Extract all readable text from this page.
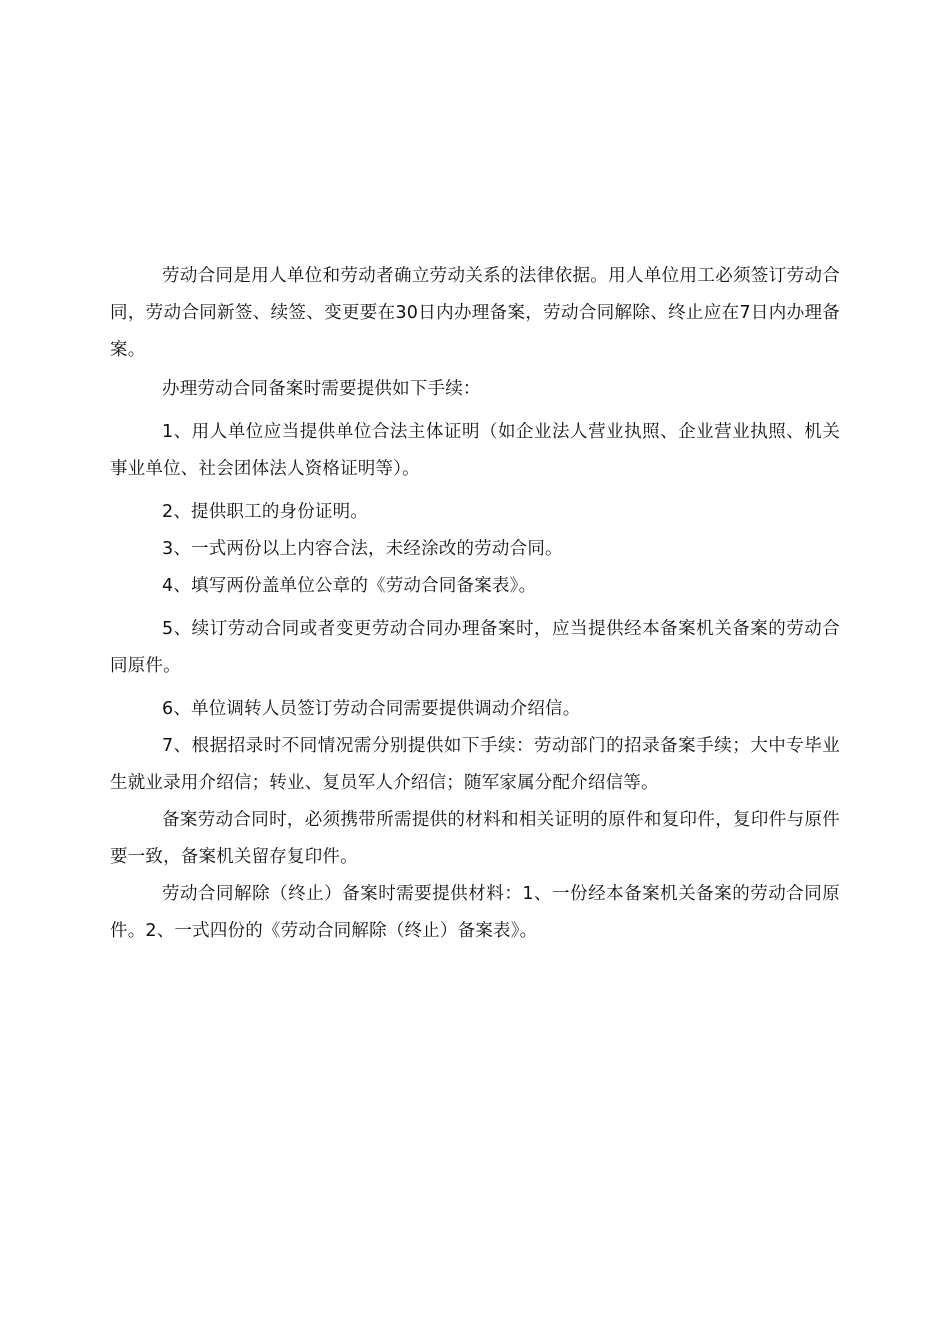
劳动合同是用人单位和劳动者确立劳动关系的法律依据。用人单位用工必须签订劳动合同，劳动合同新签、续签、变更要在30日内办理备案，劳动合同解除、终止应在7日内办理备案。

办理劳动合同备案时需要提供如下手续：

1、用人单位应当提供单位合法主体证明（如企业法人营业执照、企业营业执照、机关事业单位、社会团体法人资格证明等）。

2、提供职工的身份证明。

3、一式两份以上内容合法，未经涂改的劳动合同。

4、填写两份盖单位公章的《劳动合同备案表》。

5、续订劳动合同或者变更劳动合同办理备案时，应当提供经本备案机关备案的劳动合同原件。

6、单位调转人员签订劳动合同需要提供调动介绍信。

7、根据招录时不同情况需分别提供如下手续：劳动部门的招录备案手续；大中专毕业生就业录用介绍信；转业、复员军人介绍信；随军家属分配介绍信等。

备案劳动合同时，必须携带所需提供的材料和相关证明的原件和复印件，复印件与原件要一致，备案机关留存复印件。

劳动合同解除（终止）备案时需要提供材料：1、一份经本备案机关备案的劳动合同原件。2、一式四份的《劳动合同解除（终止）备案表》。
